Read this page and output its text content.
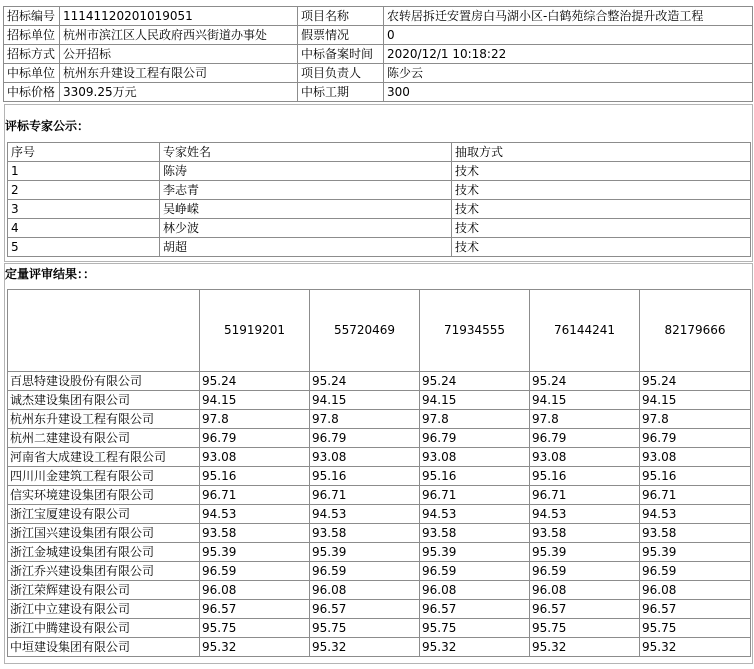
招标编号	11141120201019051	项目名称	农转居拆迁安置房白马湖小区-白鹤苑综合整治提升改造工程
招标单位	杭州市滨江区人民政府西兴街道办事处	假票情况	0
招标方式	公开招标	中标备案时间	2020/12/1 10:18:22
中标单位	杭州东升建设工程有限公司	项目负责人	陈少云
中标价格	3309.25万元	中标工期	300
评标专家公示：
序号	专家姓名	抽取方式
1	陈涛	技术
2	李志青	技术
3	吴峥嵘	技术
4	林少波	技术
5	胡超	技术
定量评审结果：：
	51919201	55720469	71934555	76144241	82179666
百思特建设股份有限公司	95.24	95.24	95.24	95.24	95.24
诚杰建设集团有限公司	94.15	94.15	94.15	94.15	94.15
杭州东升建设工程有限公司	97.8	97.8	97.8	97.8	97.8
杭州二建建设有限公司	96.79	96.79	96.79	96.79	96.79
河南省大成建设工程有限公司	93.08	93.08	93.08	93.08	93.08
四川川金建筑工程有限公司	95.16	95.16	95.16	95.16	95.16
信实环境建设集团有限公司	96.71	96.71	96.71	96.71	96.71
浙江宝厦建设有限公司	94.53	94.53	94.53	94.53	94.53
浙江国兴建设集团有限公司	93.58	93.58	93.58	93.58	93.58
浙江金城建设集团有限公司	95.39	95.39	95.39	95.39	95.39
浙江乔兴建设集团有限公司	96.59	96.59	96.59	96.59	96.59
浙江荣辉建设有限公司	96.08	96.08	96.08	96.08	96.08
浙江中立建设有限公司	96.57	96.57	96.57	96.57	96.57
浙江中腾建设有限公司	95.75	95.75	95.75	95.75	95.75
中垣建设集团有限公司	95.32	95.32	95.32	95.32	95.32
